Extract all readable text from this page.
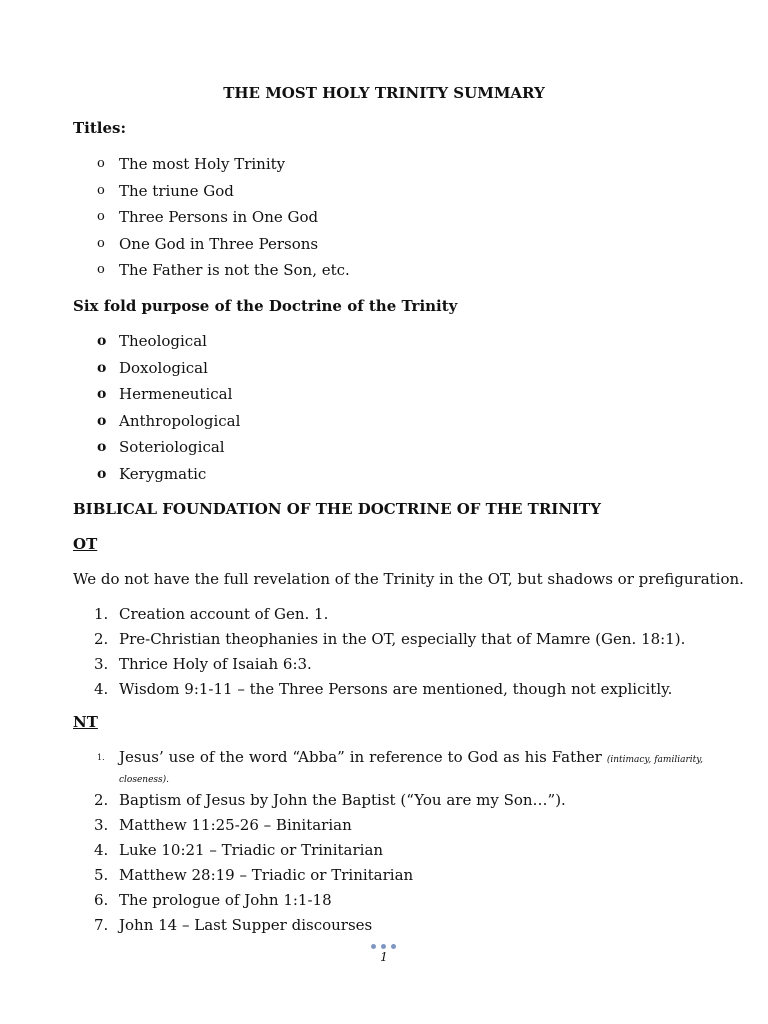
THE MOST HOLY TRINITY SUMMARY
Titles:
o The most Holy Trinity
o The triune God
o Three Persons in One God
o One God in Three Persons
o The Father is not the Son, etc.
Six fold purpose of the Doctrine of the Trinity
o Theological
o Doxological
o Hermeneutical
o Anthropological
o Soteriological
o Kerygmatic
BIBLICAL FOUNDATION OF THE DOCTRINE OF THE TRINITY
OT
We do not have the full revelation of the Trinity in the OT, but shadows or prefiguration.
1. Creation account of Gen. 1.
2. Pre-Christian theophanies in the OT, especially that of Mamre (Gen. 18:1).
3. Thrice Holy of Isaiah 6:3.
4. Wisdom 9:1-11 – the Three Persons are mentioned, though not explicitly.
NT
1. Jesus’ use of the word “Abba” in reference to God as his Father (intimacy, familiarity, closeness).
2. Baptism of Jesus by John the Baptist (“You are my Son…”).
3. Matthew 11:25-26 – Binitarian
4. Luke 10:21 – Triadic or Trinitarian
5. Matthew 28:19 – Triadic or Trinitarian
6. The prologue of John 1:1-18
7. John 14 – Last Supper discourses
1
